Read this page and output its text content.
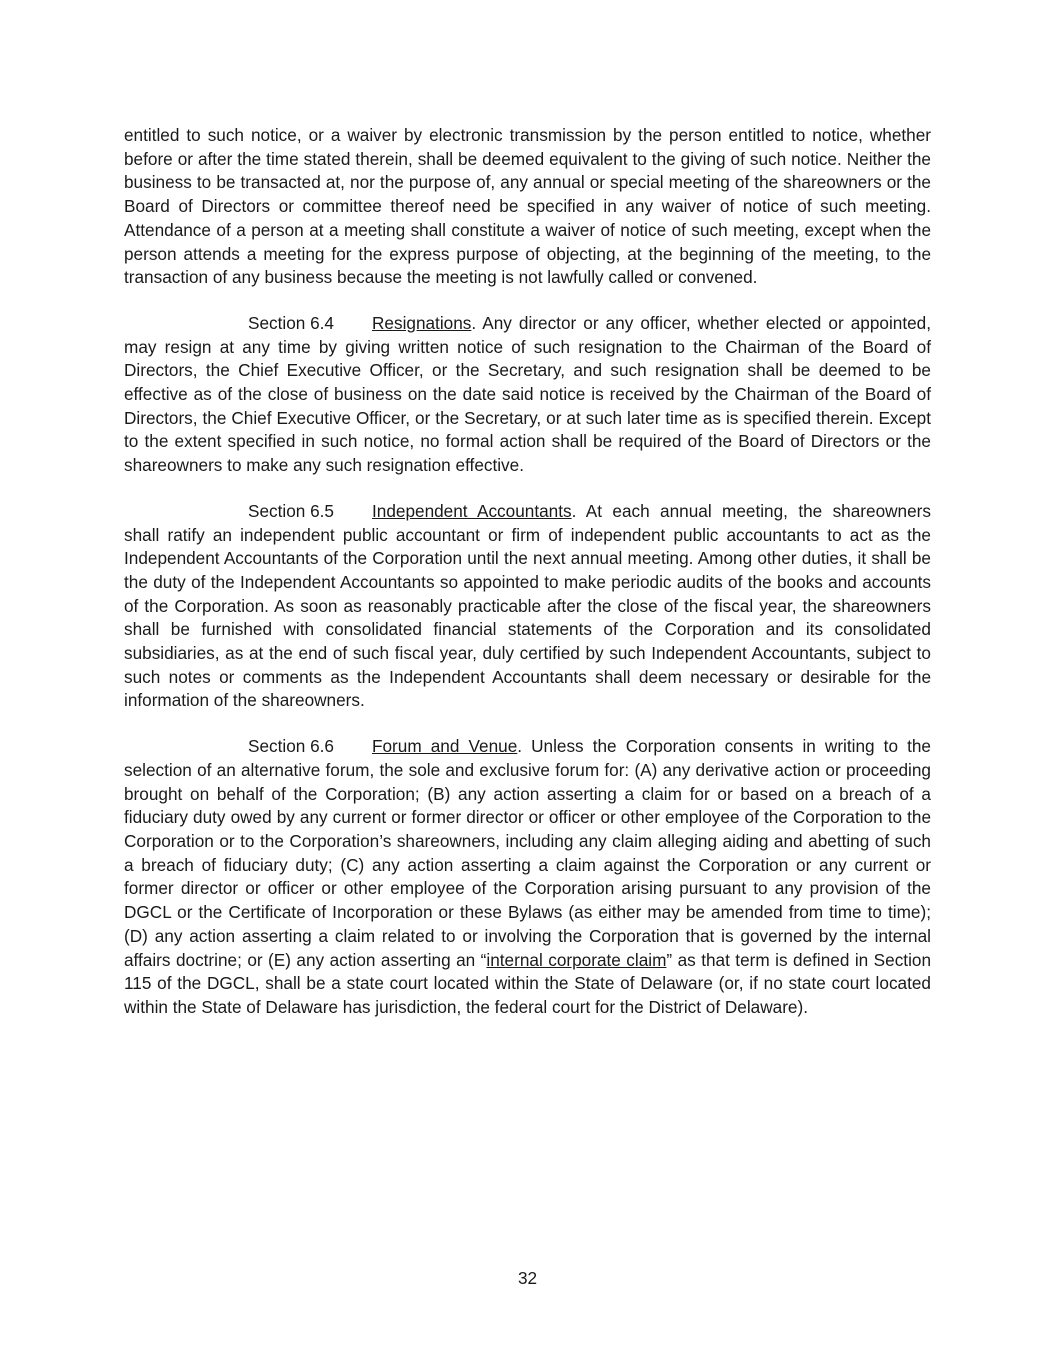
entitled to such notice, or a waiver by electronic transmission by the person entitled to notice, whether before or after the time stated therein, shall be deemed equivalent to the giving of such notice. Neither the business to be transacted at, nor the purpose of, any annual or special meeting of the shareowners or the Board of Directors or committee thereof need be specified in any waiver of notice of such meeting. Attendance of a person at a meeting shall constitute a waiver of notice of such meeting, except when the person attends a meeting for the express purpose of objecting, at the beginning of the meeting, to the transaction of any business because the meeting is not lawfully called or convened.

Section 6.4 Resignations. Any director or any officer, whether elected or appointed, may resign at any time by giving written notice of such resignation to the Chairman of the Board of Directors, the Chief Executive Officer, or the Secretary, and such resignation shall be deemed to be effective as of the close of business on the date said notice is received by the Chairman of the Board of Directors, the Chief Executive Officer, or the Secretary, or at such later time as is specified therein. Except to the extent specified in such notice, no formal action shall be required of the Board of Directors or the shareowners to make any such resignation effective.

Section 6.5 Independent Accountants. At each annual meeting, the shareowners shall ratify an independent public accountant or firm of independent public accountants to act as the Independent Accountants of the Corporation until the next annual meeting. Among other duties, it shall be the duty of the Independent Accountants so appointed to make periodic audits of the books and accounts of the Corporation. As soon as reasonably practicable after the close of the fiscal year, the shareowners shall be furnished with consolidated financial statements of the Corporation and its consolidated subsidiaries, as at the end of such fiscal year, duly certified by such Independent Accountants, subject to such notes or comments as the Independent Accountants shall deem necessary or desirable for the information of the shareowners.

Section 6.6 Forum and Venue. Unless the Corporation consents in writing to the selection of an alternative forum, the sole and exclusive forum for: (A) any derivative action or proceeding brought on behalf of the Corporation; (B) any action asserting a claim for or based on a breach of a fiduciary duty owed by any current or former director or officer or other employee of the Corporation to the Corporation or to the Corporation’s shareowners, including any claim alleging aiding and abetting of such a breach of fiduciary duty; (C) any action asserting a claim against the Corporation or any current or former director or officer or other employee of the Corporation arising pursuant to any provision of the DGCL or the Certificate of Incorporation or these Bylaws (as either may be amended from time to time); (D) any action asserting a claim related to or involving the Corporation that is governed by the internal affairs doctrine; or (E) any action asserting an “internal corporate claim” as that term is defined in Section 115 of the DGCL, shall be a state court located within the State of Delaware (or, if no state court located within the State of Delaware has jurisdiction, the federal court for the District of Delaware).

32
